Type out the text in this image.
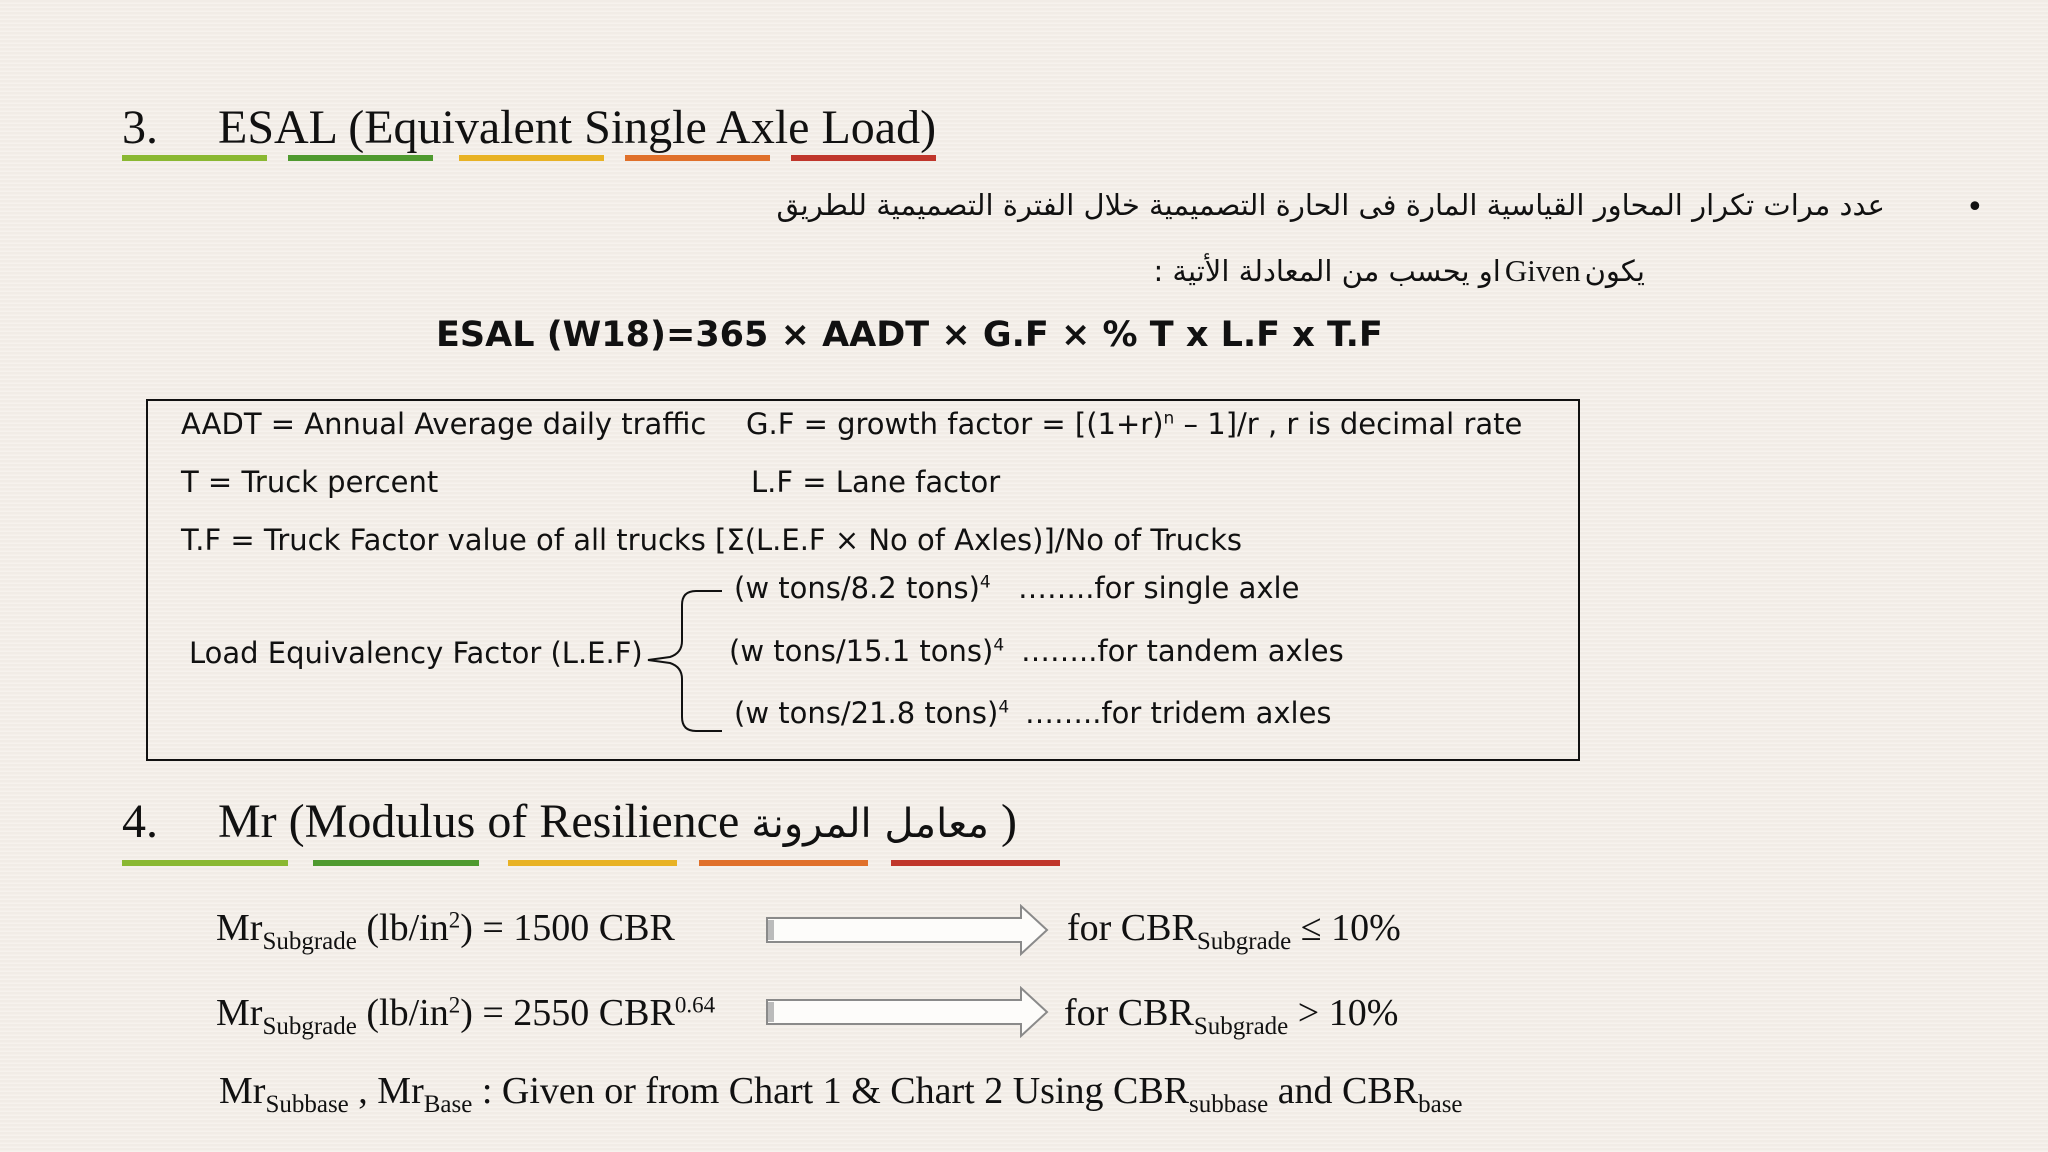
3. ESAL (Equivalent Single Axle Load)
•
عدد مرات تكرار المحاور القياسية المارة فى الحارة التصميمية خلال الفترة التصميمية للطريق
يكون Given او يحسب من المعادلة الأتية :
ESAL (W18)=365 × AADT × G.F × % T x L.F x T.F
AADT = Annual Average daily traffic G.F = growth factor = $[(1+r)^n - 1]/r$ , r is decimal rate
T = Truck percent	L.F = Lane factor
T.F = Truck Factor value of all trucks [Σ(L.E.F × No of Axles)]/No of Trucks
Load Equivalency Factor (L.E.F)
(w tons/8.2 tons)$^4$ ……..for single axle
(w tons/15.1 tons)$^4$ ……..for tandem axles
(w tons/21.8 tons)$^4$ ……..for tridem axles
4. Mr (Modulus of Resilience معامل المرونة )
$Mr_{Subgrade}$ $(lb/in^2) = 1500$ CBR	for $CBR_{Subgrade} \le 10\%$
$Mr_{Subgrade}$ $(lb/in^2) = 2550$ $CBR^{0.64}$	for $CBR_{Subgrade} > 10\%$
$Mr_{Subbase}$ , $Mr_{Base}$ : Given or from Chart 1 & Chart 2 Using $CBR_{subbase}$ and $CBR_{base}$
